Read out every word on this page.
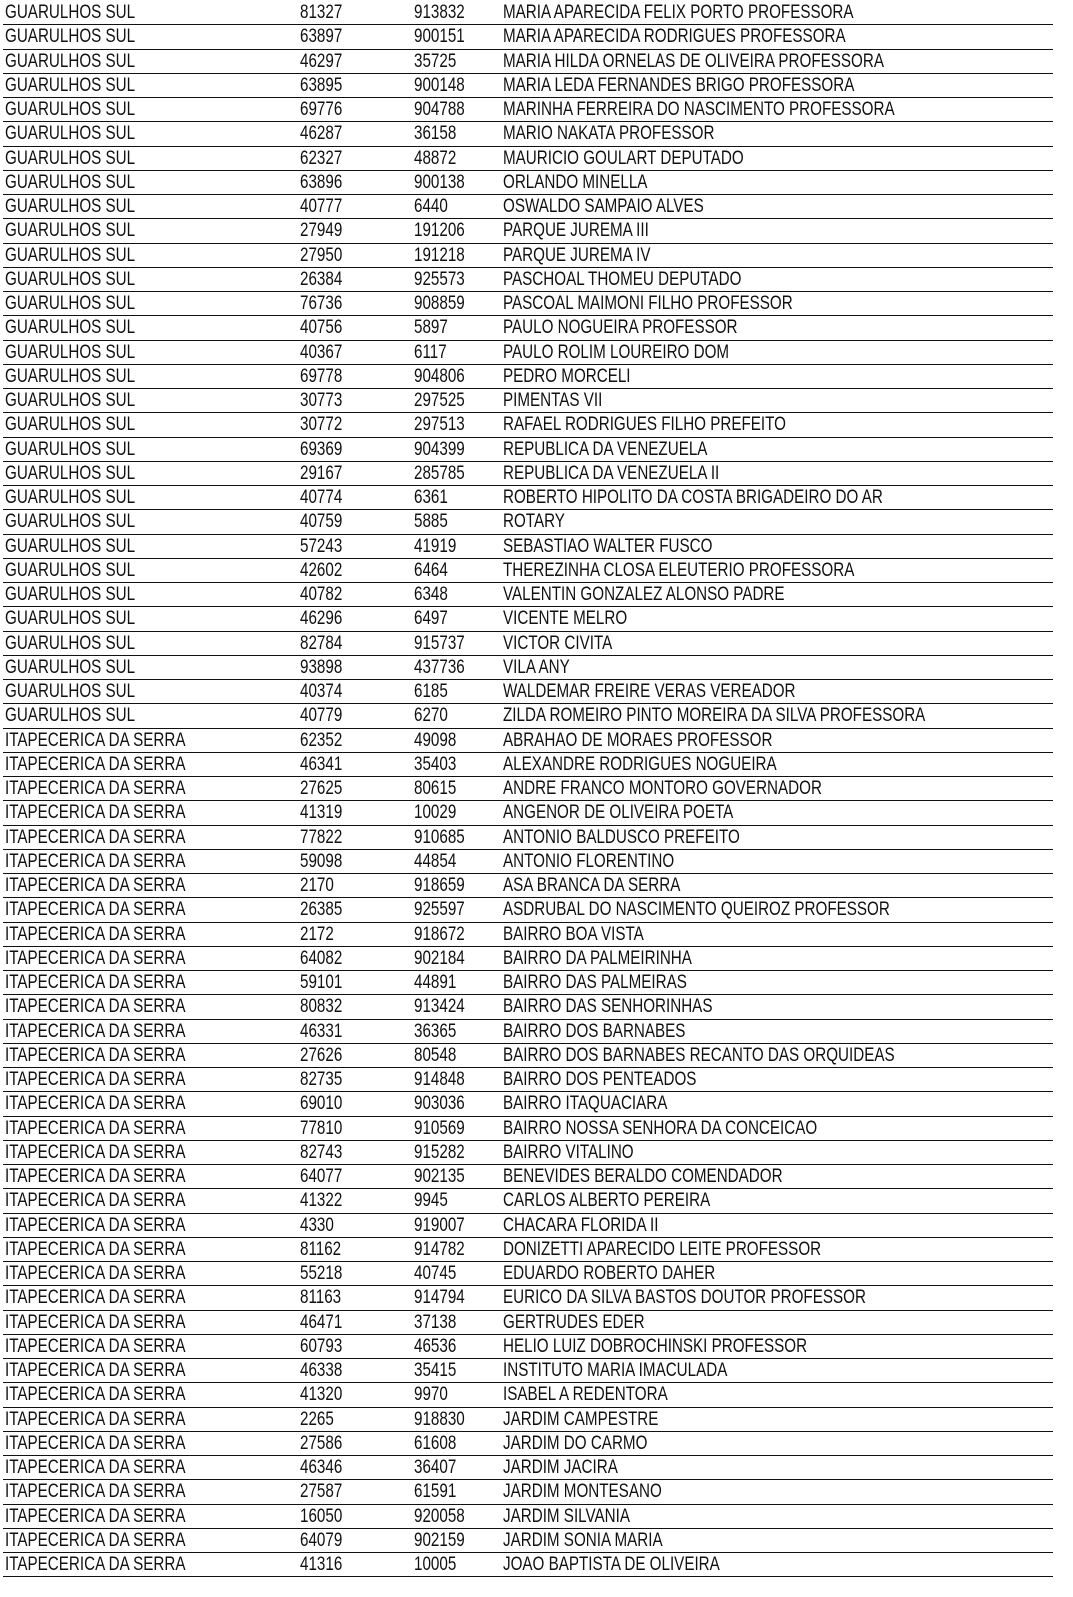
GUARULHOS SUL	81327	913832	MARIA APARECIDA FELIX PORTO PROFESSORA
GUARULHOS SUL	63897	900151	MARIA APARECIDA RODRIGUES PROFESSORA
GUARULHOS SUL	46297	35725	MARIA HILDA ORNELAS DE OLIVEIRA PROFESSORA
GUARULHOS SUL	63895	900148	MARIA LEDA FERNANDES BRIGO PROFESSORA
GUARULHOS SUL	69776	904788	MARINHA FERREIRA DO NASCIMENTO PROFESSORA
GUARULHOS SUL	46287	36158	MARIO NAKATA PROFESSOR
GUARULHOS SUL	62327	48872	MAURICIO GOULART DEPUTADO
GUARULHOS SUL	63896	900138	ORLANDO MINELLA
GUARULHOS SUL	40777	6440	OSWALDO SAMPAIO ALVES
GUARULHOS SUL	27949	191206	PARQUE JUREMA III
GUARULHOS SUL	27950	191218	PARQUE JUREMA IV
GUARULHOS SUL	26384	925573	PASCHOAL THOMEU DEPUTADO
GUARULHOS SUL	76736	908859	PASCOAL MAIMONI FILHO PROFESSOR
GUARULHOS SUL	40756	5897	PAULO NOGUEIRA PROFESSOR
GUARULHOS SUL	40367	6117	PAULO ROLIM LOUREIRO DOM
GUARULHOS SUL	69778	904806	PEDRO MORCELI
GUARULHOS SUL	30773	297525	PIMENTAS VII
GUARULHOS SUL	30772	297513	RAFAEL RODRIGUES FILHO PREFEITO
GUARULHOS SUL	69369	904399	REPUBLICA DA VENEZUELA
GUARULHOS SUL	29167	285785	REPUBLICA DA VENEZUELA II
GUARULHOS SUL	40774	6361	ROBERTO HIPOLITO DA COSTA BRIGADEIRO DO AR
GUARULHOS SUL	40759	5885	ROTARY
GUARULHOS SUL	57243	41919	SEBASTIAO WALTER FUSCO
GUARULHOS SUL	42602	6464	THEREZINHA CLOSA ELEUTERIO PROFESSORA
GUARULHOS SUL	40782	6348	VALENTIN GONZALEZ ALONSO PADRE
GUARULHOS SUL	46296	6497	VICENTE MELRO
GUARULHOS SUL	82784	915737	VICTOR CIVITA
GUARULHOS SUL	93898	437736	VILA ANY
GUARULHOS SUL	40374	6185	WALDEMAR FREIRE VERAS VEREADOR
GUARULHOS SUL	40779	6270	ZILDA ROMEIRO PINTO MOREIRA DA SILVA PROFESSORA
ITAPECERICA DA SERRA	62352	49098	ABRAHAO DE MORAES PROFESSOR
ITAPECERICA DA SERRA	46341	35403	ALEXANDRE RODRIGUES NOGUEIRA
ITAPECERICA DA SERRA	27625	80615	ANDRE FRANCO MONTORO GOVERNADOR
ITAPECERICA DA SERRA	41319	10029	ANGENOR DE OLIVEIRA POETA
ITAPECERICA DA SERRA	77822	910685	ANTONIO BALDUSCO PREFEITO
ITAPECERICA DA SERRA	59098	44854	ANTONIO FLORENTINO
ITAPECERICA DA SERRA	2170	918659	ASA BRANCA DA SERRA
ITAPECERICA DA SERRA	26385	925597	ASDRUBAL DO NASCIMENTO QUEIROZ PROFESSOR
ITAPECERICA DA SERRA	2172	918672	BAIRRO BOA VISTA
ITAPECERICA DA SERRA	64082	902184	BAIRRO DA PALMEIRINHA
ITAPECERICA DA SERRA	59101	44891	BAIRRO DAS PALMEIRAS
ITAPECERICA DA SERRA	80832	913424	BAIRRO DAS SENHORINHAS
ITAPECERICA DA SERRA	46331	36365	BAIRRO DOS BARNABES
ITAPECERICA DA SERRA	27626	80548	BAIRRO DOS BARNABES RECANTO DAS ORQUIDEAS
ITAPECERICA DA SERRA	82735	914848	BAIRRO DOS PENTEADOS
ITAPECERICA DA SERRA	69010	903036	BAIRRO ITAQUACIARA
ITAPECERICA DA SERRA	77810	910569	BAIRRO NOSSA SENHORA DA CONCEICAO
ITAPECERICA DA SERRA	82743	915282	BAIRRO VITALINO
ITAPECERICA DA SERRA	64077	902135	BENEVIDES BERALDO COMENDADOR
ITAPECERICA DA SERRA	41322	9945	CARLOS ALBERTO PEREIRA
ITAPECERICA DA SERRA	4330	919007	CHACARA FLORIDA II
ITAPECERICA DA SERRA	81162	914782	DONIZETTI APARECIDO LEITE PROFESSOR
ITAPECERICA DA SERRA	55218	40745	EDUARDO ROBERTO DAHER
ITAPECERICA DA SERRA	81163	914794	EURICO DA SILVA BASTOS DOUTOR PROFESSOR
ITAPECERICA DA SERRA	46471	37138	GERTRUDES EDER
ITAPECERICA DA SERRA	60793	46536	HELIO LUIZ DOBROCHINSKI PROFESSOR
ITAPECERICA DA SERRA	46338	35415	INSTITUTO MARIA IMACULADA
ITAPECERICA DA SERRA	41320	9970	ISABEL A REDENTORA
ITAPECERICA DA SERRA	2265	918830	JARDIM CAMPESTRE
ITAPECERICA DA SERRA	27586	61608	JARDIM DO CARMO
ITAPECERICA DA SERRA	46346	36407	JARDIM JACIRA
ITAPECERICA DA SERRA	27587	61591	JARDIM MONTESANO
ITAPECERICA DA SERRA	16050	920058	JARDIM SILVANIA
ITAPECERICA DA SERRA	64079	902159	JARDIM SONIA MARIA
ITAPECERICA DA SERRA	41316	10005	JOAO BAPTISTA DE OLIVEIRA
